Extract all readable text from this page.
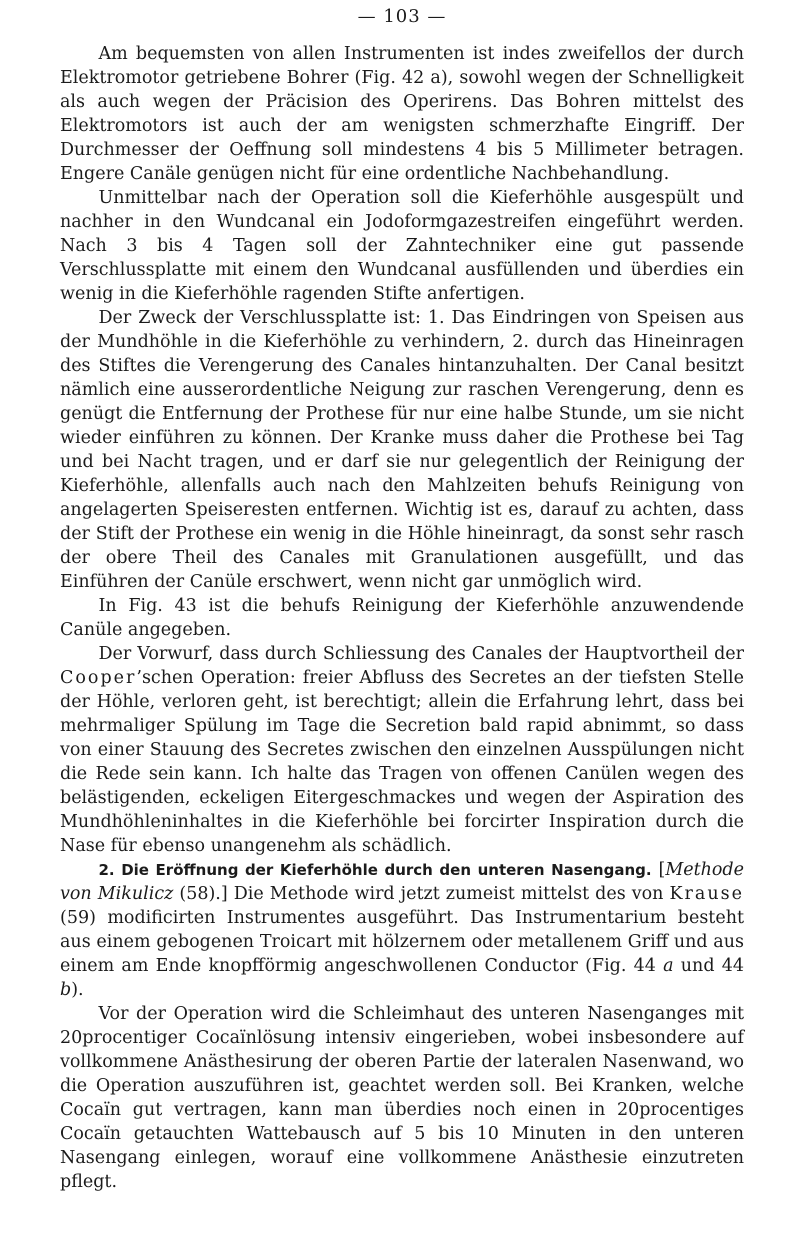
— 103 —

Am bequemsten von allen Instrumenten ist indes zweifellos der durch Elektromotor getriebene Bohrer (Fig. 42 a), sowohl wegen der Schnelligkeit als auch wegen der Präcision des Operirens. Das Bohren mittelst des Elektromotors ist auch der am wenigsten schmerzhafte Eingriff. Der Durchmesser der Oeffnung soll mindestens 4 bis 5 Millimeter betragen. Engere Canäle genügen nicht für eine ordentliche Nachbehandlung.

Unmittelbar nach der Operation soll die Kieferhöhle ausgespült und nachher in den Wundcanal ein Jodoformgazestreifen eingeführt werden. Nach 3 bis 4 Tagen soll der Zahntechniker eine gut passende Verschlussplatte mit einem den Wundcanal ausfüllenden und überdies ein wenig in die Kieferhöhle ragenden Stifte anfertigen.

Der Zweck der Verschlussplatte ist: 1. Das Eindringen von Speisen aus der Mundhöhle in die Kieferhöhle zu verhindern, 2. durch das Hineinragen des Stiftes die Verengerung des Canales hintanzuhalten. Der Canal besitzt nämlich eine ausserordentliche Neigung zur raschen Verengerung, denn es genügt die Entfernung der Prothese für nur eine halbe Stunde, um sie nicht wieder einführen zu können. Der Kranke muss daher die Prothese bei Tag und bei Nacht tragen, und er darf sie nur gelegentlich der Reinigung der Kieferhöhle, allenfalls auch nach den Mahlzeiten behufs Reinigung von angelagerten Speiseresten entfernen. Wichtig ist es, darauf zu achten, dass der Stift der Prothese ein wenig in die Höhle hineinragt, da sonst sehr rasch der obere Theil des Canales mit Granulationen ausgefüllt, und das Einführen der Canüle erschwert, wenn nicht gar unmöglich wird.

In Fig. 43 ist die behufs Reinigung der Kieferhöhle anzuwendende Canüle angegeben.

Der Vorwurf, dass durch Schliessung des Canales der Hauptvortheil der Cooper’schen Operation: freier Abfluss des Secretes an der tiefsten Stelle der Höhle, verloren geht, ist berechtigt; allein die Erfahrung lehrt, dass bei mehrmaliger Spülung im Tage die Secretion bald rapid abnimmt, so dass von einer Stauung des Secretes zwischen den einzelnen Ausspülungen nicht die Rede sein kann. Ich halte das Tragen von offenen Canülen wegen des belästigenden, eckeligen Eitergeschmackes und wegen der Aspiration des Mundhöhleninhaltes in die Kieferhöhle bei forcirter Inspiration durch die Nase für ebenso unangenehm als schädlich.

2. Die Eröffnung der Kieferhöhle durch den unteren Nasengang. [Methode von Mikulicz (58).] Die Methode wird jetzt zumeist mittelst des von Krause (59) modificirten Instrumentes ausgeführt. Das Instrumentarium besteht aus einem gebogenen Troicart mit hölzernem oder metallenem Griff und aus einem am Ende knopfförmig angeschwollenen Conductor (Fig. 44 a und 44 b).

Vor der Operation wird die Schleimhaut des unteren Nasenganges mit 20procentiger Cocaïnlösung intensiv eingerieben, wobei insbesondere auf vollkommene Anästhesirung der oberen Partie der lateralen Nasenwand, wo die Operation auszuführen ist, geachtet werden soll. Bei Kranken, welche Cocaïn gut vertragen, kann man überdies noch einen in 20procentiges Cocaïn getauchten Wattebausch auf 5 bis 10 Minuten in den unteren Nasengang einlegen, worauf eine vollkommene Anästhesie einzutreten pflegt.
